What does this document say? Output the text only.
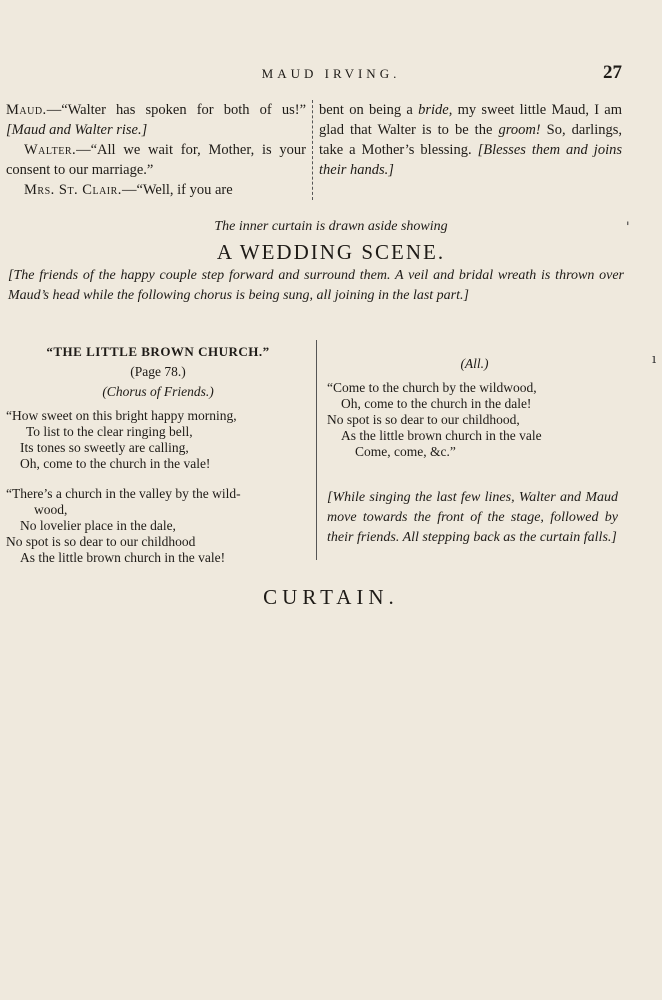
MAUD IRVING.	27

Maud.—“Walter has spoken for both of us!” [Maud and Walter rise.]

Walter.—“All we wait for, Mother, is your consent to our marriage.”

Mrs. St. Clair.—“Well, if you are

bent on being a bride, my sweet little Maud, I am glad that Walter is to be the groom! So, darlings, take a Mother’s blessing. [Blesses them and joins their hands.]

The inner curtain is drawn aside showing
A WEDDING SCENE.
[The friends of the happy couple step forward and surround them. A veil and bridal wreath is thrown over Maud’s head while the following chorus is being sung, all joining in the last part.]
“THE LITTLE BROWN CHURCH.”
(Page 78.)
(Chorus of Friends.)

“How sweet on this bright happy morning,

To list to the clear ringing bell,

Its tones so sweetly are calling,

Oh, come to the church in the vale!

“There’s a church in the valley by the wild-

wood,

No lovelier place in the dale,

No spot is so dear to our childhood

As the little brown church in the vale!

(All.)

“Come to the church by the wildwood,

Oh, come to the church in the dale!

No spot is so dear to our childhood,

As the little brown church in the vale

Come, come, &c.”

[While singing the last few lines, Walter and Maud move towards the front of the stage, followed by their friends. All stepping back as the curtain falls.]
CURTAIN.
'
ı
